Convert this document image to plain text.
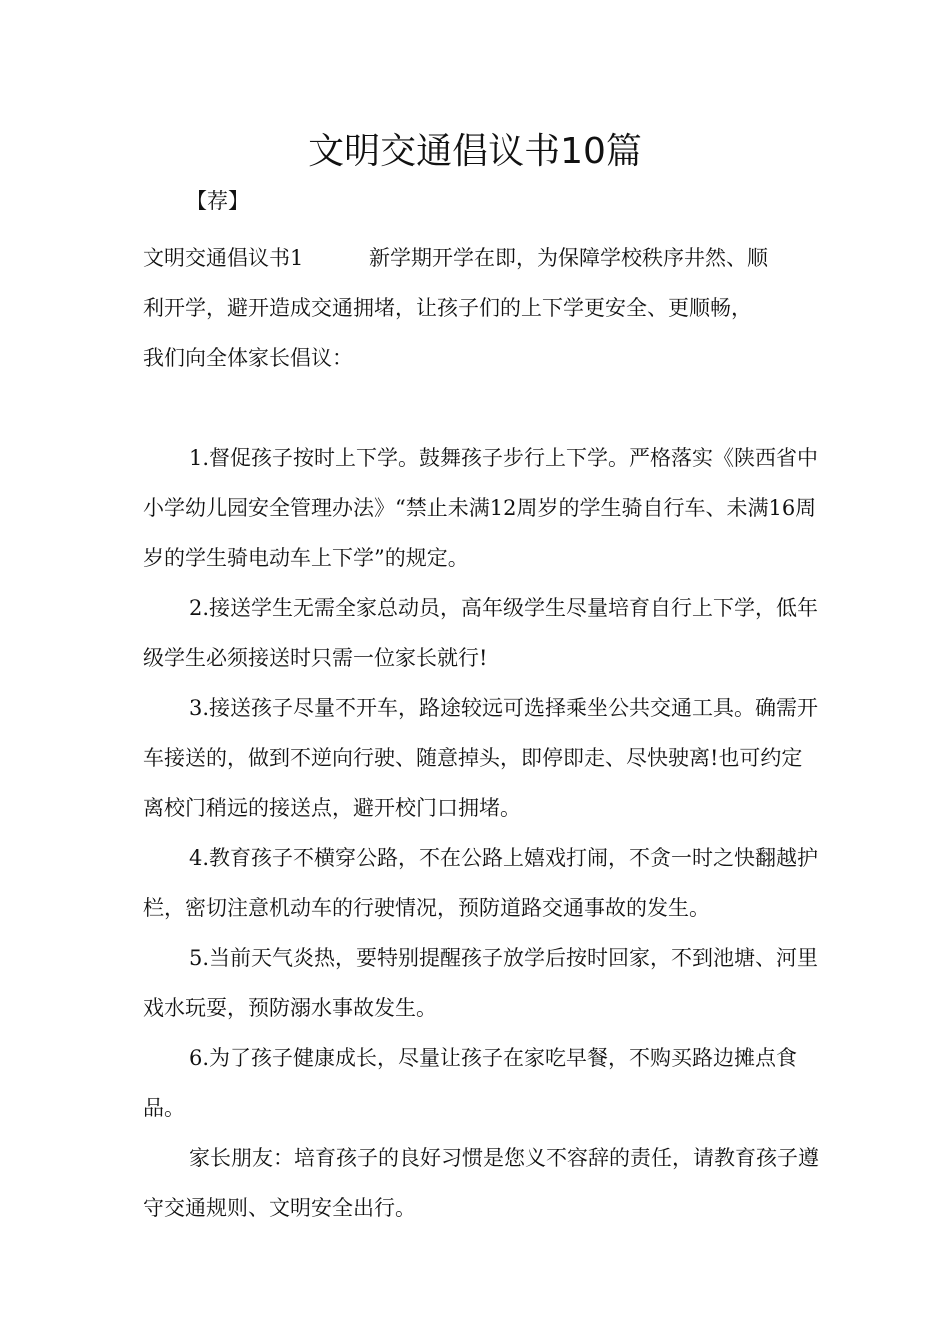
文明交通倡议书10篇
【荐】

文明交通倡议书1	新学期开学在即，为保障学校秩序井然、顺

利开学，避开造成交通拥堵，让孩子们的上下学更安全、更顺畅，

我们向全体家长倡议：

1.督促孩子按时上下学。鼓舞孩子步行上下学。严格落实《陕西省中小学幼儿园安全管理办法》“禁止未满12周岁的学生骑自行车、未满16周岁的学生骑电动车上下学”的规定。

2.接送学生无需全家总动员，高年级学生尽量培育自行上下学，低年级学生必须接送时只需一位家长就行!

3.接送孩子尽量不开车，路途较远可选择乘坐公共交通工具。确需开车接送的，做到不逆向行驶、随意掉头，即停即走、尽快驶离!也可约定离校门稍远的接送点，避开校门口拥堵。

4.教育孩子不横穿公路，不在公路上嬉戏打闹，不贪一时之快翻越护栏，密切注意机动车的行驶情况，预防道路交通事故的发生。

5.当前天气炎热，要特别提醒孩子放学后按时回家，不到池塘、河里戏水玩耍，预防溺水事故发生。

6.为了孩子健康成长，尽量让孩子在家吃早餐，不购买路边摊点食品。

家长朋友：培育孩子的良好习惯是您义不容辞的责任，请教育孩子遵守交通规则、文明安全出行。
